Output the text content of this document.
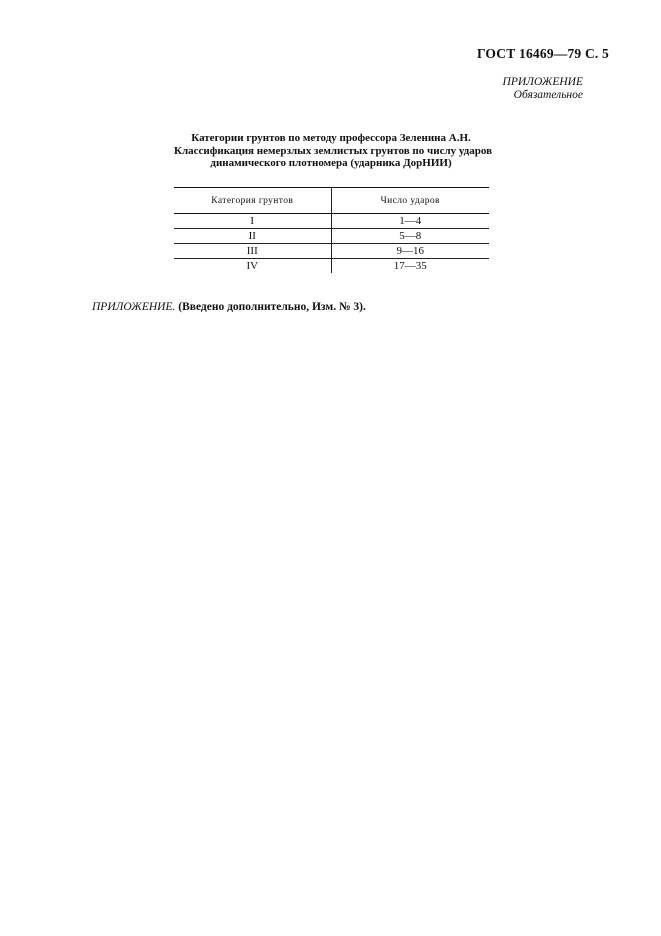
ГОСТ 16469—79 С. 5
ПРИЛОЖЕНИЕ
Обязательное
Категории грунтов по методу профессора Зеленина А.Н.
Классификация немерзлых землистых грунтов по числу ударов
динамического плотномера (ударника ДорНИИ)
Категория грунтов	Число ударов
I	1—4
II	5—8
III	9—16
IV	17—35
ПРИЛОЖЕНИЕ. (Введено дополнительно, Изм. № 3).
